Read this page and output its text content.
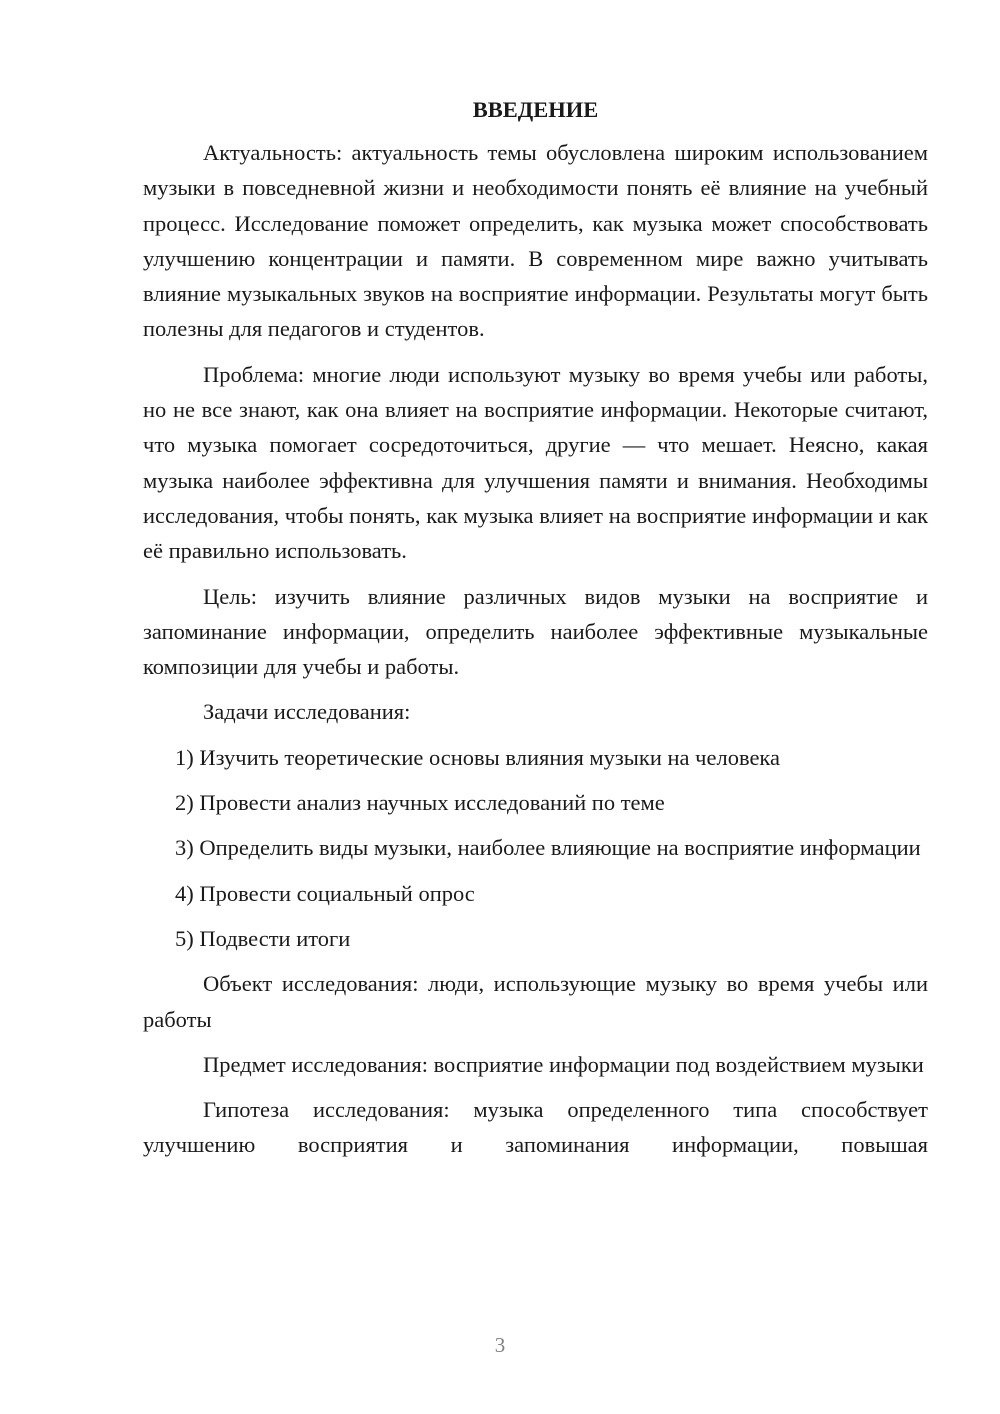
ВВЕДЕНИЕ

Актуальность: актуальность темы обусловлена широким использованием музыки в повседневной жизни и необходимости понять её влияние на учебный процесс. Исследование поможет определить, как музыка может способствовать улучшению концентрации и памяти. В современном мире важно учитывать влияние музыкальных звуков на восприятие информации. Результаты могут быть полезны для педагогов и студентов.

Проблема: многие люди используют музыку во время учебы или работы, но не все знают, как она влияет на восприятие информации. Некоторые считают, что музыка помогает сосредоточиться, другие — что мешает. Неясно, какая музыка наиболее эффективна для улучшения памяти и внимания. Необходимы исследования, чтобы понять, как музыка влияет на восприятие информации и как её правильно использовать.

Цель: изучить влияние различных видов музыки на восприятие и запоминание информации, определить наиболее эффективные музыкальные композиции для учебы и работы.

Задачи исследования:

1) Изучить теоретические основы влияния музыки на человека
2) Провести анализ научных исследований по теме
3) Определить виды музыки, наиболее влияющие на восприятие информации
4) Провести социальный опрос
5) Подвести итоги

Объект исследования: люди, использующие музыку во время учебы или работы

Предмет исследования: восприятие информации под воздействием музыки

Гипотеза исследования: музыка определенного типа способствует улучшению восприятия и запоминания информации, повышая

3
